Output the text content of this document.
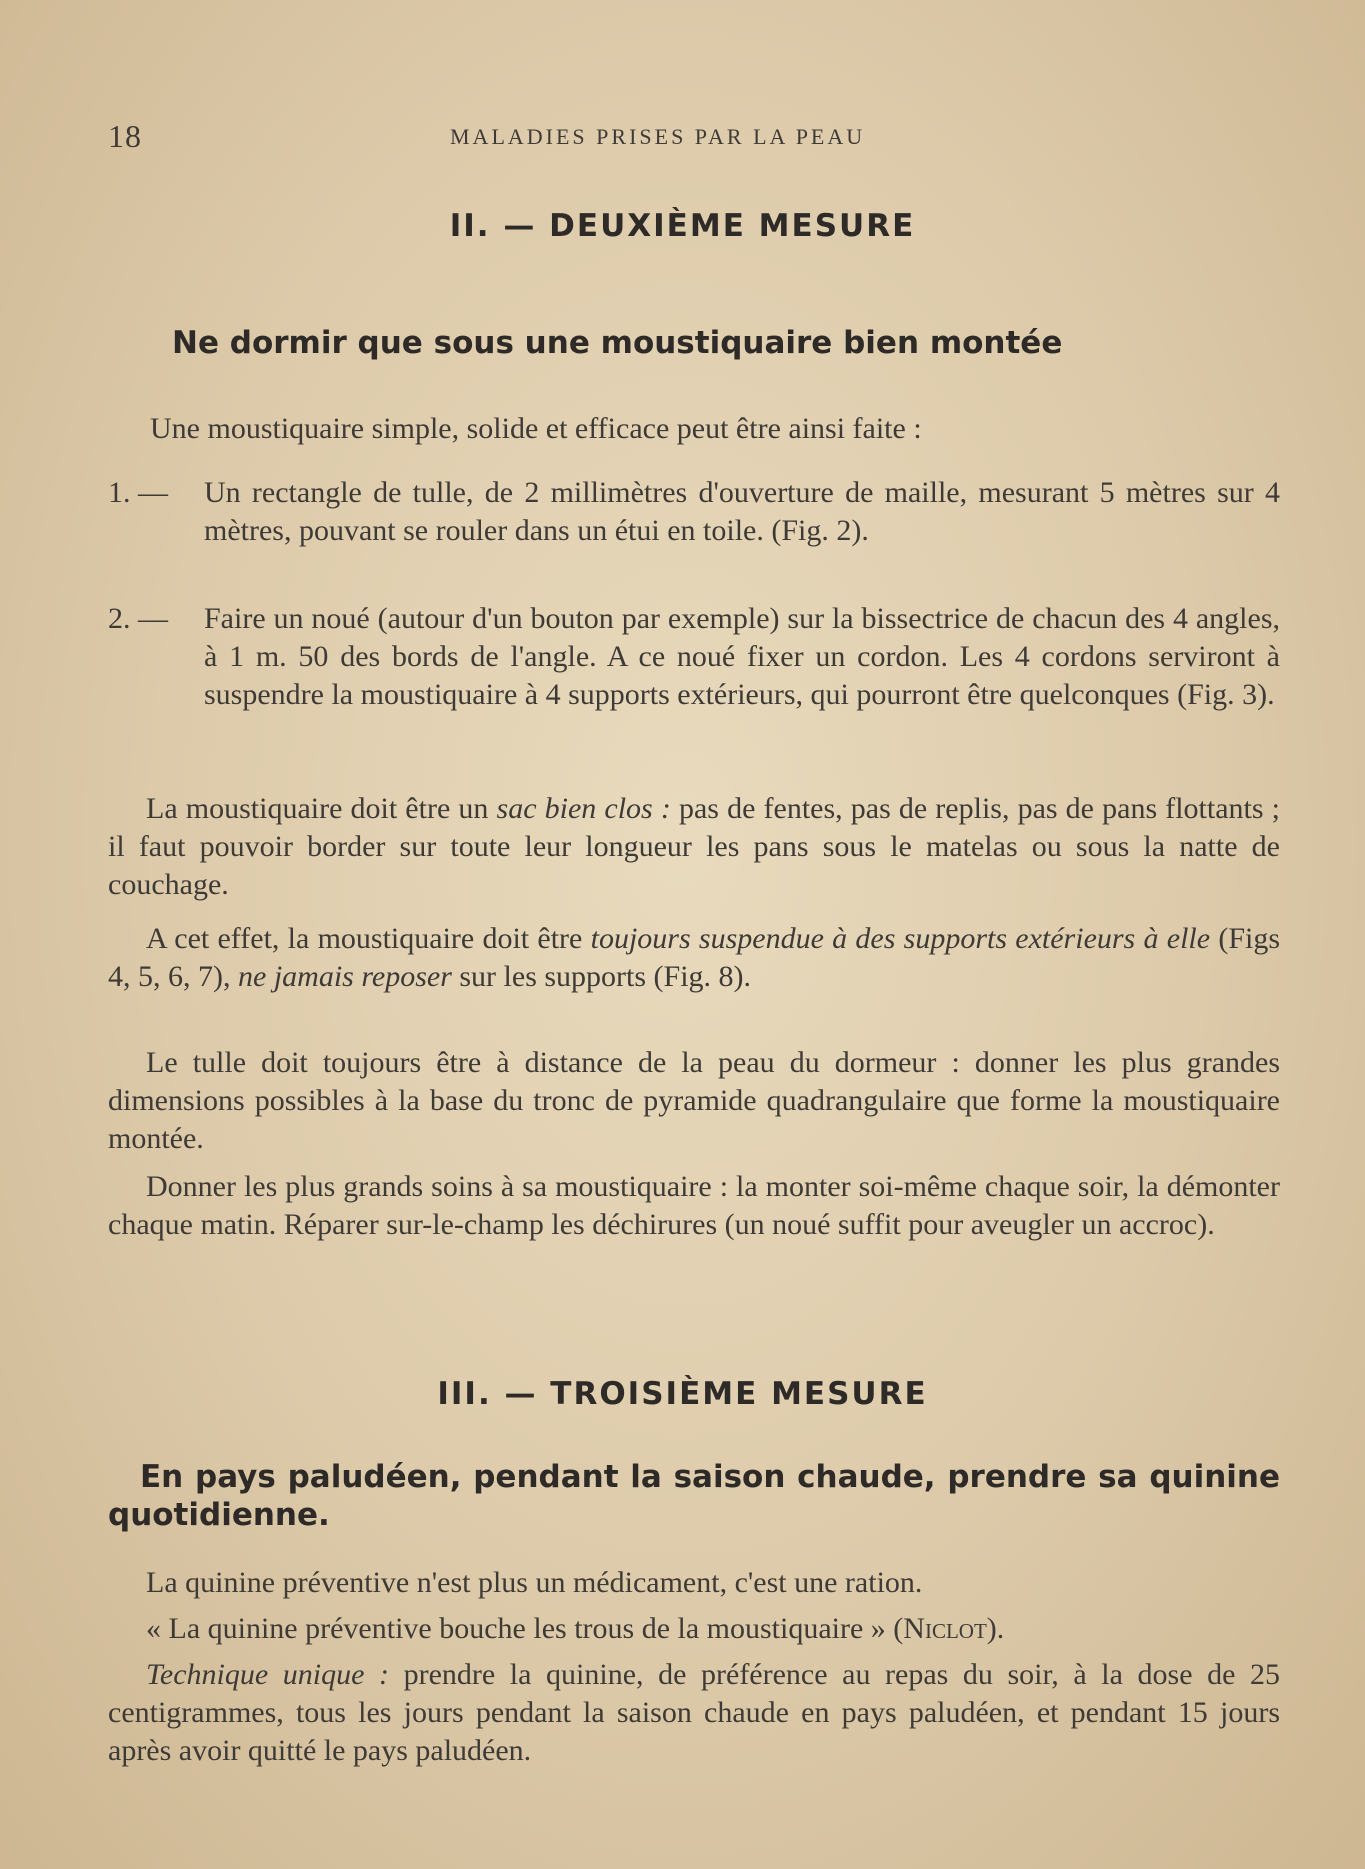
18	MALADIES PRISES PAR LA PEAU
II. — DEUXIÈME MESURE
Ne dormir que sous une moustiquaire bien montée
Une moustiquaire simple, solide et efficace peut être ainsi faite :
1. — Un rectangle de tulle, de 2 millimètres d'ouverture de maille, mesurant 5 mètres sur 4 mètres, pouvant se rouler dans un étui en toile. (Fig. 2).
2. — Faire un noué (autour d'un bouton par exemple) sur la bissectrice de chacun des 4 angles, à 1 m. 50 des bords de l'angle. A ce noué fixer un cordon. Les 4 cordons serviront à suspendre la moustiquaire à 4 supports extérieurs, qui pourront être quelconques (Fig. 3).
La moustiquaire doit être un sac bien clos : pas de fentes, pas de replis, pas de pans flottants ; il faut pouvoir border sur toute leur longueur les pans sous le matelas ou sous la natte de couchage.
A cet effet, la moustiquaire doit être toujours suspendue à des supports extérieurs à elle (Figs 4, 5, 6, 7), ne jamais reposer sur les supports (Fig. 8).
Le tulle doit toujours être à distance de la peau du dormeur : donner les plus grandes dimensions possibles à la base du tronc de pyramide quadrangulaire que forme la moustiquaire montée.
Donner les plus grands soins à sa moustiquaire : la monter soi-même chaque soir, la démonter chaque matin. Réparer sur-le-champ les déchirures (un noué suffit pour aveugler un accroc).
III. — TROISIÈME MESURE
En pays paludéen, pendant la saison chaude, prendre sa quinine quotidienne.
La quinine préventive n'est plus un médicament, c'est une ration.
« La quinine préventive bouche les trous de la moustiquaire » (Niclot).
Technique unique : prendre la quinine, de préférence au repas du soir, à la dose de 25 centigrammes, tous les jours pendant la saison chaude en pays paludéen, et pendant 15 jours après avoir quitté le pays paludéen.
